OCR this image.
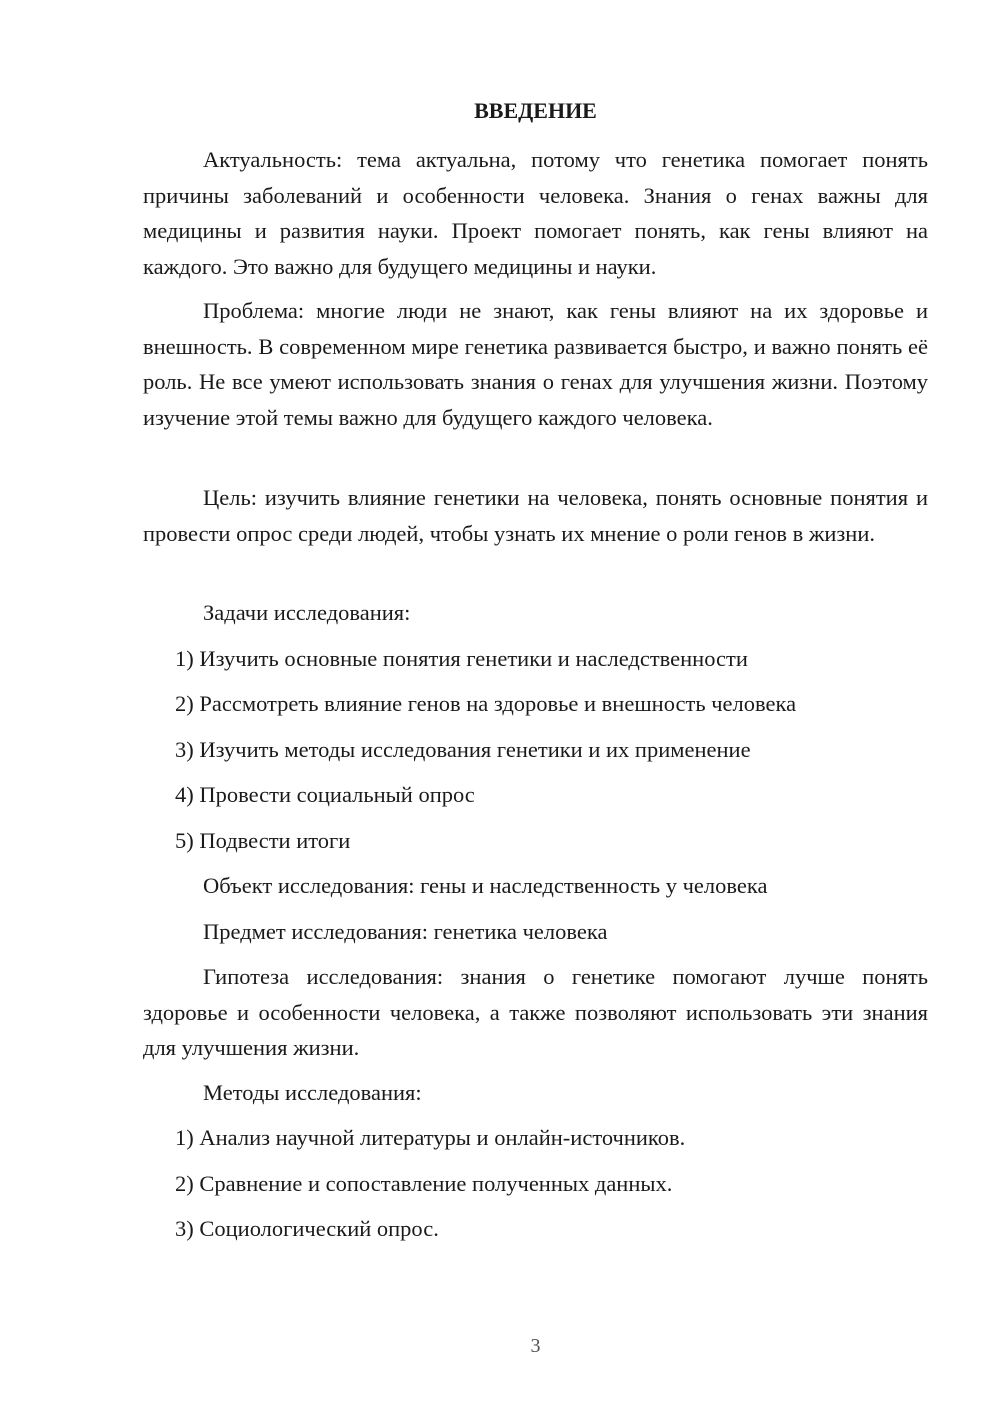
ВВЕДЕНИЕ

Актуальность: тема актуальна, потому что генетика помогает понять причины заболеваний и особенности человека. Знания о генах важны для медицины и развития науки. Проект помогает понять, как гены влияют на каждого. Это важно для будущего медицины и науки.

Проблема: многие люди не знают, как гены влияют на их здоровье и внешность. В современном мире генетика развивается быстро, и важно понять её роль. Не все умеют использовать знания о генах для улучшения жизни. Поэтому изучение этой темы важно для будущего каждого человека.

Цель: изучить влияние генетики на человека, понять основные понятия и провести опрос среди людей, чтобы узнать их мнение о роли генов в жизни.

Задачи исследования:

1) Изучить основные понятия генетики и наследственности

2) Рассмотреть влияние генов на здоровье и внешность человека

3) Изучить методы исследования генетики и их применение

4) Провести социальный опрос

5) Подвести итоги

Объект исследования: гены и наследственность у человека

Предмет исследования: генетика человека

Гипотеза исследования: знания о генетике помогают лучше понять здоровье и особенности человека, а также позволяют использовать эти знания для улучшения жизни.

Методы исследования:

1) Анализ научной литературы и онлайн-источников.

2) Сравнение и сопоставление полученных данных.

3) Социологический опрос.

3
